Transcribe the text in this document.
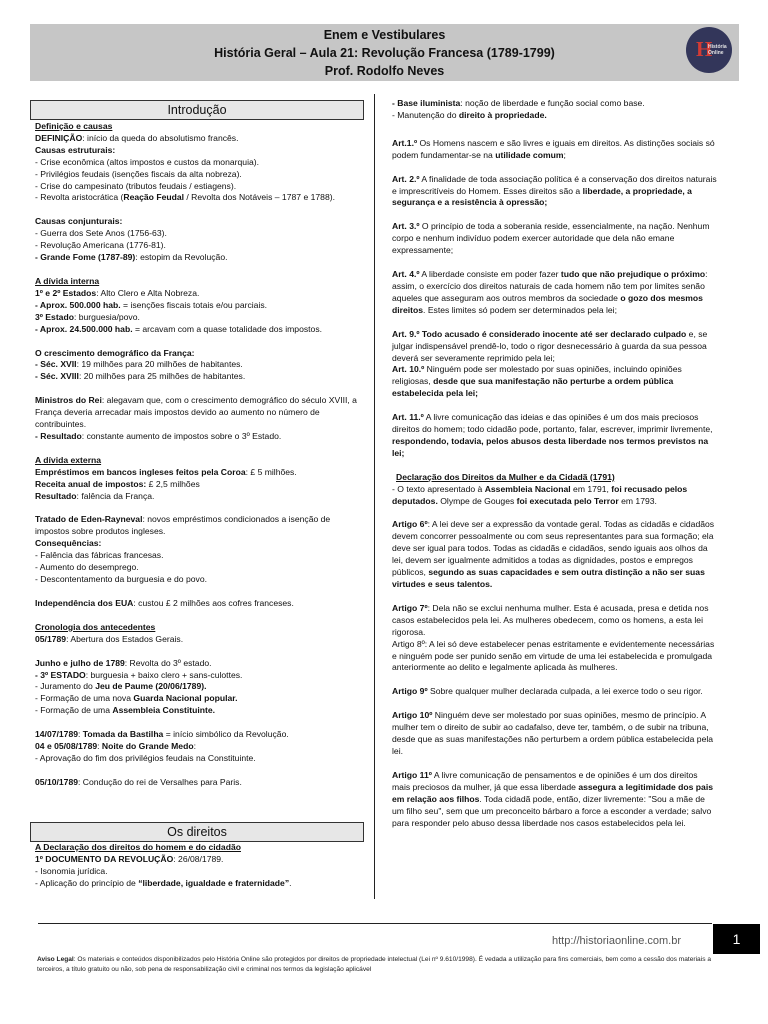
Enem e Vestibulares
História Geral – Aula 21: Revolução Francesa (1789-1799)
Prof. Rodolfo Neves
H
História Online
Introdução
Os direitos

Definição e causas

DEFINIÇÃO: início da queda do absolutismo francês.

Causas estruturais:

- Crise econômica (altos impostos e custos da monarquia).

- Privilégios feudais (isenções fiscais da alta nobreza).

- Crise do campesinato (tributos feudais / estiagens).

- Revolta aristocrática (Reação Feudal / Revolta dos Notáveis – 1787 e 1788).

Causas conjunturais:

- Guerra dos Sete Anos (1756-63).

- Revolução Americana (1776-81).

- Grande Fome (1787-89): estopim da Revolução.

A dívida interna

1º e 2º Estados: Alto Clero e Alta Nobreza.

- Aprox. 500.000 hab. = isenções fiscais totais e/ou parciais.

3º Estado: burguesia/povo.

- Aprox. 24.500.000 hab. = arcavam com a quase totalidade dos impostos.

O crescimento demográfico da França:

- Séc. XVII: 19 milhões para 20 milhões de habitantes.

- Séc. XVIII: 20 milhões para 25 milhões de habitantes.

Ministros do Rei: alegavam que, com o crescimento demográfico do século XVIII, a França deveria arrecadar mais impostos devido ao aumento no número de contribuintes.

- Resultado: constante aumento de impostos sobre o 3º Estado.

A dívida externa

Empréstimos em bancos ingleses feitos pela Coroa: £ 5 milhões.

Receita anual de impostos: £ 2,5 milhões

Resultado: falência da França.

Tratado de Eden-Rayneval: novos empréstimos condicionados a isenção de impostos sobre produtos ingleses.

Consequências:

- Falência das fábricas francesas.

- Aumento do desemprego.

- Descontentamento da burguesia e do povo.

Independência dos EUA: custou £ 2 milhões aos cofres franceses.

Cronologia dos antecedentes

05/1789: Abertura dos Estados Gerais.

Junho e julho de 1789: Revolta do 3º estado.

- 3º ESTADO: burguesia + baixo clero + sans-culottes.

- Juramento do Jeu de Paume (20/06/1789).

- Formação de uma nova Guarda Nacional popular.

- Formação de uma Assembleia Constituinte.

14/07/1789: Tomada da Bastilha = início simbólico da Revolução.

04 e 05/08/1789: Noite do Grande Medo:

- Aprovação do fim dos privilégios feudais na Constituinte.

05/10/1789: Condução do rei de Versalhes para Paris.

A Declaração dos direitos do homem e do cidadão

1º DOCUMENTO DA REVOLUÇÃO: 26/08/1789.

- Isonomia jurídica.

- Aplicação do princípio de “liberdade, igualdade e fraternidade”.

- Base iluminista: noção de liberdade e função social como base.

- Manutenção do direito à propriedade.

Art.1.º Os Homens nascem e são livres e iguais em direitos. As distinções sociais só podem fundamentar-se na utilidade comum;

Art. 2.º A finalidade de toda associação política é a conservação dos direitos naturais e imprescritíveis do Homem. Esses direitos são a liberdade, a propriedade, a segurança e a resistência à opressão;

Art. 3.º O princípio de toda a soberania reside, essencialmente, na nação. Nenhum corpo e nenhum indivíduo podem exercer autoridade que dela não emane expressamente;

Art. 4.º A liberdade consiste em poder fazer tudo que não prejudique o próximo: assim, o exercício dos direitos naturais de cada homem não tem por limites senão aqueles que asseguram aos outros membros da sociedade o gozo dos mesmos direitos. Estes limites só podem ser determinados pela lei;

Art. 9.º Todo acusado é considerado inocente até ser declarado culpado e, se julgar indispensável prendê-lo, todo o rigor desnecessário à guarda da sua pessoa deverá ser severamente reprimido pela lei;

Art. 10.º Ninguém pode ser molestado por suas opiniões, incluindo opiniões religiosas, desde que sua manifestação não perturbe a ordem pública estabelecida pela lei;

Art. 11.º A livre comunicação das ideias e das opiniões é um dos mais preciosos direitos do homem; todo cidadão pode, portanto, falar, escrever, imprimir livremente, respondendo, todavia, pelos abusos desta liberdade nos termos previstos na lei;

Declaração dos Direitos da Mulher e da Cidadã (1791)

- O texto apresentado à Assembleia Nacional em 1791, foi recusado pelos deputados. Olympe de Gouges foi executada pelo Terror em 1793.

Artigo 6º: A lei deve ser a expressão da vontade geral. Todas as cidadãs e cidadãos devem concorrer pessoalmente ou com seus representantes para sua formação; ela deve ser igual para todos. Todas as cidadãs e cidadãos, sendo iguais aos olhos da lei, devem ser igualmente admitidos a todas as dignidades, postos e empregos públicos, segundo as suas capacidades e sem outra distinção a não ser suas virtudes e seus talentos.

Artigo 7º: Dela não se exclui nenhuma mulher. Esta é acusada, presa e detida nos casos estabelecidos pela lei. As mulheres obedecem, como os homens, a esta lei rigorosa.

Artigo 8º: A lei só deve estabelecer penas estritamente e evidentemente necessárias e ninguém pode ser punido senão em virtude de uma lei estabelecida e promulgada anteriormente ao delito e legalmente aplicada às mulheres.

Artigo 9º Sobre qualquer mulher declarada culpada, a lei exerce todo o seu rigor.

Artigo 10º Ninguém deve ser molestado por suas opiniões, mesmo de princípio. A mulher tem o direito de subir ao cadafalso, deve ter, também, o de subir na tribuna, desde que as suas manifestações não perturbem a ordem pública estabelecida pela lei.

Artigo 11º A livre comunicação de pensamentos e de opiniões é um dos direitos mais preciosos da mulher, já que essa liberdade assegura a legitimidade dos pais em relação aos filhos. Toda cidadã pode, então, dizer livremente: "Sou a mãe de um filho seu", sem que um preconceito bárbaro a force a esconder a verdade; salvo para responder pelo abuso dessa liberdade nos casos estabelecidos pela lei.

http://historiaonline.com.br	1
Aviso Legal: Os materiais e conteúdos disponibilizados pelo História Online são protegidos por direitos de propriedade intelectual (Lei nº 9.610/1998). É vedada a utilização para fins comerciais, bem como a cessão dos materiais a terceiros, a título gratuito ou não, sob pena de responsabilização civil e criminal nos termos da legislação aplicável
